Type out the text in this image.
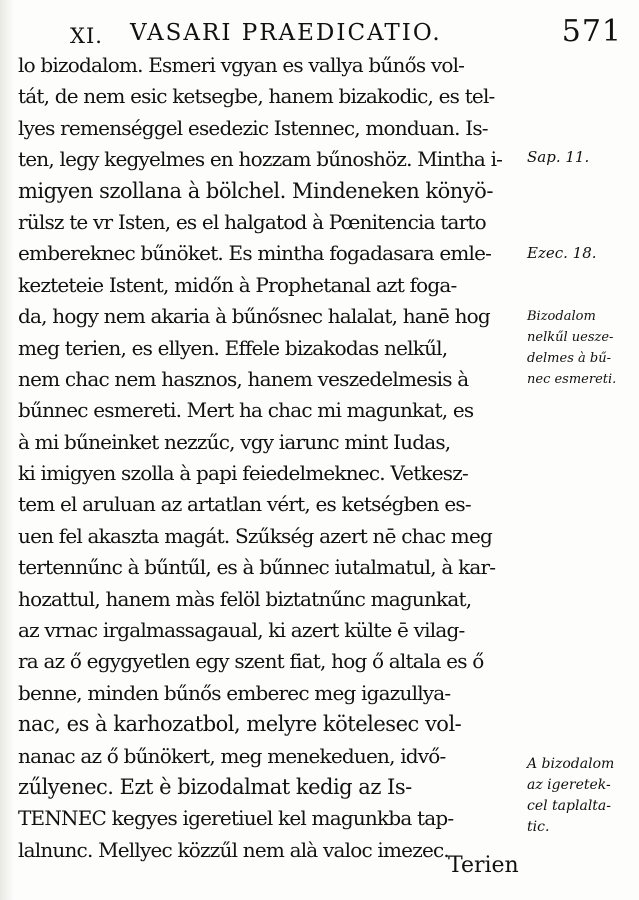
XI. VASARI PRAEDICATIO.	571
lo bizodalom. Esmeri vgyan es vallya bűnős vol-
tát, de nem esic ketsegbe, hanem bizakodic, es tel-
lyes remenséggel esedezic Istennec, monduan. Is-
ten, legy kegyelmes en hozzam bűnoshöz. Mintha i-
migyen szollana à bölchel. Mindeneken könyö-
rülsz te vr Isten, es el halgatod à Pœnitencia tarto
embereknec bűnöket. Es mintha fogadasara emle-
kezteteie Istent, midőn à Prophetanal azt foga-
da, hogy nem akaria à bűnősnec halalat, hanē hog
meg terien, es ellyen. Effele bizakodas nelkűl,
nem chac nem hasznos, hanem veszedelmesis à
bűnnec esmereti. Mert ha chac mi magunkat, es
à mi bűneinket nezzűc, vgy iarunc mint Iudas,
ki imigyen szolla à papi feiedelmeknec. Vetkesz-
tem el aruluan az artatlan vért, es ketségben es-
uen fel akaszta magát. Szűkség azert nē chac meg
tertennűnc à bűntűl, es à bűnnec iutalmatul, à kar-
hozattul, hanem màs felöl biztatnűnc magunkat,
az vrnac irgalmassagaual, ki azert külte ē vilag-
ra az ő egygyetlen egy szent fiat, hog ő altala es ő
benne, minden bűnős emberec meg igazullya-
nac, es à karhozatbol, melyre kötelesec vol-
nanac az ő bűnökert, meg menekeduen, idvő-
zűlyenec. Ezt è bizodalmat kedig az Is-
TENNEC kegyes igeretiuel kel magunkba tap-
lalnunc. Mellyec közzűl nem alà valoc imezec.
Terien
Sap. 11.
Ezec. 18.
Bizodalom
nelkűl uesze-
delmes à bű-
nec esmereti.
A bizodalom
az igeretek-
cel taplalta-
tic.
